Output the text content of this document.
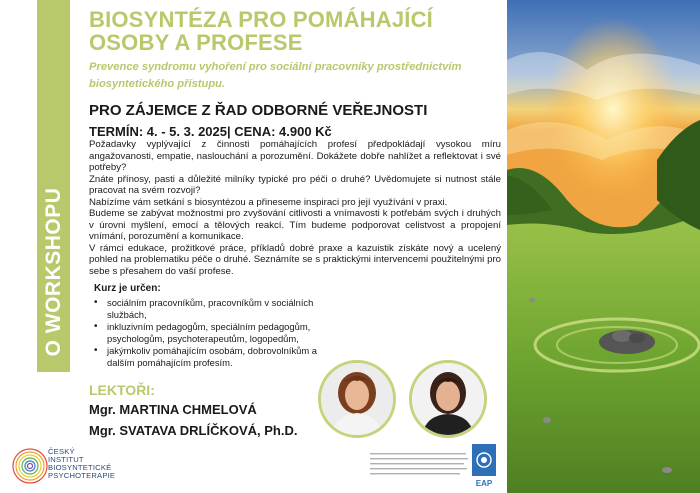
O WORKSHOPU
BIOSYNTÉZA PRO POMÁHAJÍCÍ
OSOBY A PROFESE
Prevence syndromu vyhoření pro sociální pracovníky prostřednictvím
biosyntetického přístupu.
PRO ZÁJEMCE Z ŘAD ODBORNÉ VEŘEJNOSTI
TERMÍN: 4. - 5. 3. 2025| CENA: 4.900 Kč

Požadavky vyplývající z činnosti pomáhajících profesí předpokládají vysokou míru angažovanosti, empatie, naslouchání a porozumění. Dokážete dobře nahlížet a reflektovat i své potřeby?

Znáte přínosy, pasti a důležité milníky typické pro péči o druhé? Uvědomujete si nutnost stále pracovat na svém rozvoji?

Nabízíme vám setkání s biosyntézou a přineseme inspiraci pro její využívání v praxi.

Budeme se zabývat možnostmi pro zvyšování citlivosti a vnímavosti k potřebám svých i druhých v úrovni myšlení, emocí a tělových reakcí. Tím budeme podporovat celistvost a propojení vnímání, porozumění a komunikace.

V rámci edukace, prožitkové práce, příkladů dobré praxe a kazuistik získáte nový a ucelený pohled na problematiku péče o druhé. Seznámíte se s praktickými intervencemi použitelnými pro sebe s přesahem do vaší profese.

Kurz je určen:
• sociálním pracovníkům, pracovníkům v sociálních službách,
• inkluzivním pedagogům, speciálním pedagogům, psychologům, psychoterapeutům, logopedům,
• jakýmkoliv pomáhajícím osobám, dobrovolníkům a dalším pomáhajícím profesím.
LEKTOŘI:
Mgr. MARTINA CHMELOVÁ
Mgr. SVATAVA DRLÍČKOVÁ, Ph.D.
ČESKÝ
INSTITUT
BIOSYNTETICKÉ
PSYCHOTERAPIE
EAP
